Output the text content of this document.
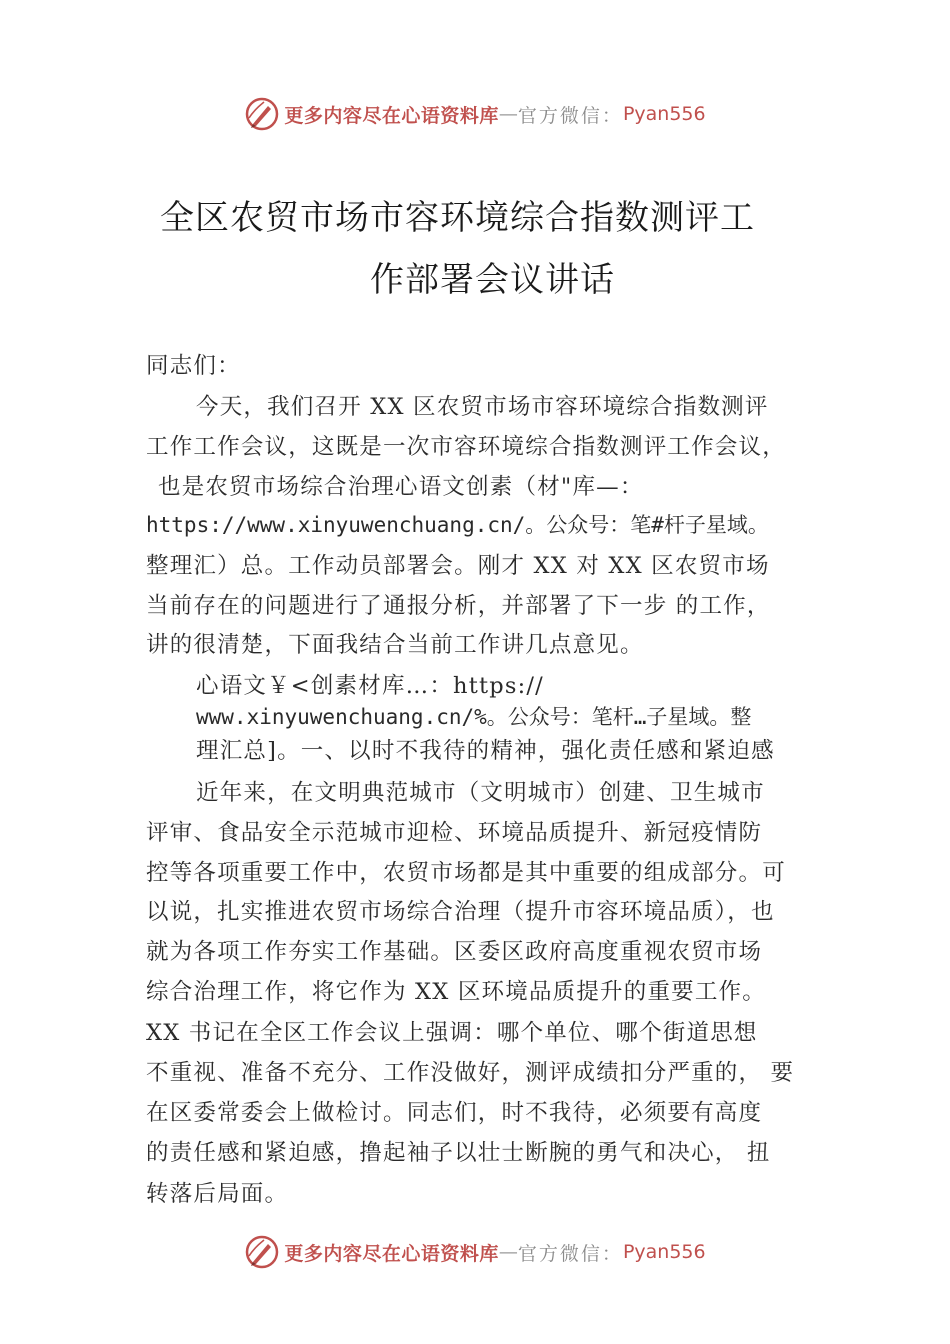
更多内容尽在心语资料库 — 官方微信： Pyan556
全区农贸市场市容环境综合指数测评工
作部署会议讲话
同志们：
今天，我们召开 XX 区农贸市场市容环境综合指数测评
工作工作会议，这既是一次市容环境综合指数测评工作会议，
也是农贸市场综合治理心语文创素（材"库—：
https://www.xinyuwenchuang.cn/。公众号：笔#杆子星域。
整理汇）总。工作动员部署会。刚才 XX 对 XX 区农贸市场
当前存在的问题进行了通报分析，并部署了下一步 的工作，
讲的很清楚，下面我结合当前工作讲几点意见。
心语文￥<创素材库…：https://
www.xinyuwenchuang.cn/%。公众号：笔杆…子星域。整
理汇总]。一、以时不我待的精神，强化责任感和紧迫感
近年来，在文明典范城市（文明城市）创建、卫生城市
评审、食品安全示范城市迎检、环境品质提升、新冠疫情防
控等各项重要工作中，农贸市场都是其中重要的组成部分。可
以说，扎实推进农贸市场综合治理（提升市容环境品质），也
就为各项工作夯实工作基础。区委区政府高度重视农贸市场
综合治理工作，将它作为 XX 区环境品质提升的重要工作。
XX 书记在全区工作会议上强调：哪个单位、哪个街道思想
不重视、准备不充分、工作没做好，测评成绩扣分严重的， 要
在区委常委会上做检讨。同志们，时不我待，必须要有高度
的责任感和紧迫感，撸起袖子以壮士断腕的勇气和决心， 扭
转落后局面。
更多内容尽在心语资料库 — 官方微信： Pyan556
